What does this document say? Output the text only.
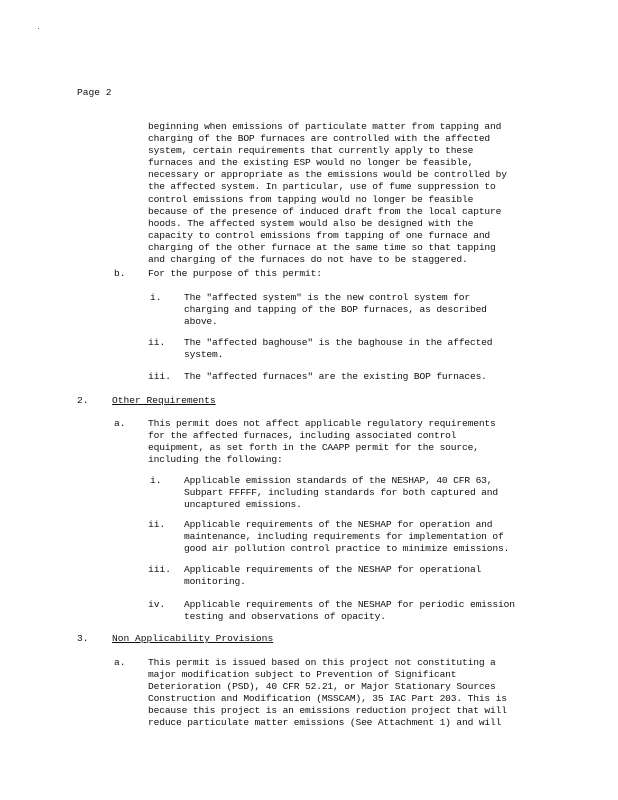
Page 2
beginning when emissions of particulate matter from tapping and
charging of the BOP furnaces are controlled with the affected
system, certain requirements that currently apply to these
furnaces and the existing ESP would no longer be feasible,
necessary or appropriate as the emissions would be controlled by
the affected system. In particular, use of fume suppression to
control emissions from tapping would no longer be feasible
because of the presence of induced draft from the local capture
hoods. The affected system would also be designed with the
capacity to control emissions from tapping of one furnace and
charging of the other furnace at the same time so that tapping
and charging of the furnaces do not have to be staggered.
b. For the purpose of this permit:
i. The "affected system" is the new control system for
charging and tapping of the BOP furnaces, as described
above.
ii. The "affected baghouse" is the baghouse in the affected
system.
iii. The "affected furnaces" are the existing BOP furnaces.
2. Other Requirements
a. This permit does not affect applicable regulatory requirements
for the affected furnaces, including associated control
equipment, as set forth in the CAAPP permit for the source,
including the following:
i. Applicable emission standards of the NESHAP, 40 CFR 63,
Subpart FFFFF, including standards for both captured and
uncaptured emissions.
ii. Applicable requirements of the NESHAP for operation and
maintenance, including requirements for implementation of
good air pollution control practice to minimize emissions.
iii. Applicable requirements of the NESHAP for operational
monitoring.
iv. Applicable requirements of the NESHAP for periodic emission
testing and observations of opacity.
3. Non Applicability Provisions
a. This permit is issued based on this project not constituting a
major modification subject to Prevention of Significant
Deterioration (PSD), 40 CFR 52.21, or Major Stationary Sources
Construction and Modification (MSSCAM), 35 IAC Part 203. This is
because this project is an emissions reduction project that will
reduce particulate matter emissions (See Attachment 1) and will
